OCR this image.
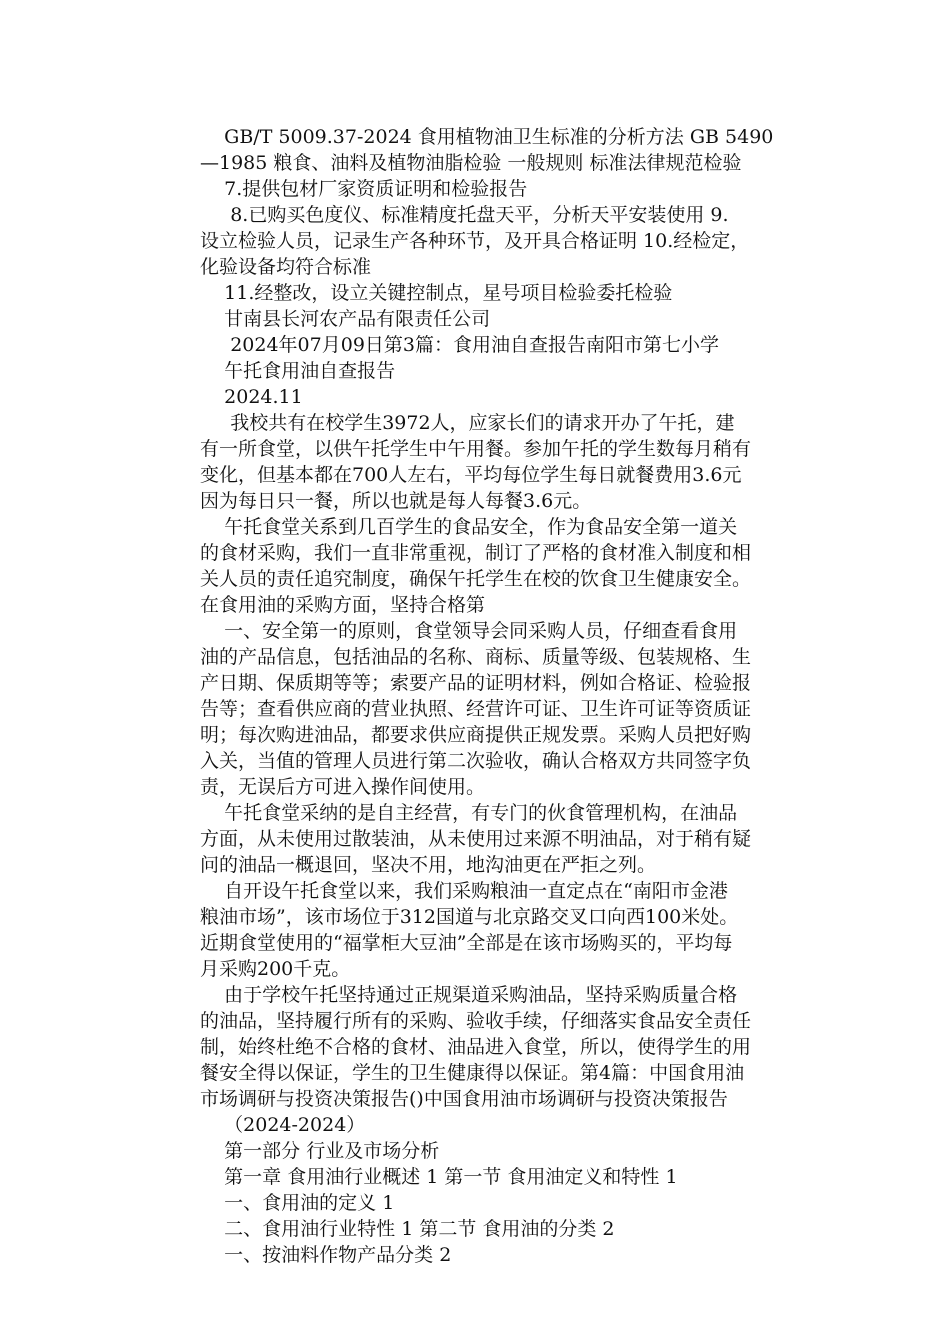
GB/T 5009.37-2024 食用植物油卫生标准的分析方法 GB 5490
—1985 粮食、油料及植物油脂检验 一般规则 标准法律规范检验
7.提供包材厂家资质证明和检验报告
8.已购买色度仪、标准精度托盘天平，分析天平安装使用 9.
设立检验人员，记录生产各种环节，及开具合格证明 10.经检定，
化验设备均符合标准
11.经整改，设立关键控制点，星号项目检验委托检验
甘南县长河农产品有限责任公司
2024年07月09日第3篇：食用油自查报告南阳市第七小学
午托食用油自查报告
2024.11
我校共有在校学生3972人，应家长们的请求开办了午托，建
有一所食堂，以供午托学生中午用餐。参加午托的学生数每月稍有
变化，但基本都在700人左右，平均每位学生每日就餐费用3.6元
因为每日只一餐，所以也就是每人每餐3.6元。
午托食堂关系到几百学生的食品安全，作为食品安全第一道关
的食材采购，我们一直非常重视，制订了严格的食材准入制度和相
关人员的责任追究制度，确保午托学生在校的饮食卫生健康安全。
在食用油的采购方面，坚持合格第
一、安全第一的原则，食堂领导会同采购人员，仔细查看食用
油的产品信息，包括油品的名称、商标、质量等级、包装规格、生
产日期、保质期等等；索要产品的证明材料，例如合格证、检验报
告等；查看供应商的营业执照、经营许可证、卫生许可证等资质证
明；每次购进油品，都要求供应商提供正规发票。采购人员把好购
入关，当值的管理人员进行第二次验收，确认合格双方共同签字负
责，无误后方可进入操作间使用。
午托食堂采纳的是自主经营，有专门的伙食管理机构，在油品
方面，从未使用过散装油，从未使用过来源不明油品，对于稍有疑
问的油品一概退回，坚决不用，地沟油更在严拒之列。
自开设午托食堂以来，我们采购粮油一直定点在“南阳市金港
粮油市场”，该市场位于312国道与北京路交叉口向西100米处。
近期食堂使用的“福掌柜大豆油”全部是在该市场购买的，平均每
月采购200千克。
由于学校午托坚持通过正规渠道采购油品，坚持采购质量合格
的油品，坚持履行所有的采购、验收手续，仔细落实食品安全责任
制，始终杜绝不合格的食材、油品进入食堂，所以，使得学生的用
餐安全得以保证，学生的卫生健康得以保证。第4篇：中国食用油
市场调研与投资决策报告()中国食用油市场调研与投资决策报告
（2024-2024）
第一部分 行业及市场分析
第一章 食用油行业概述 1 第一节 食用油定义和特性 1
一、食用油的定义 1
二、食用油行业特性 1 第二节 食用油的分类 2
一、按油料作物产品分类 2
